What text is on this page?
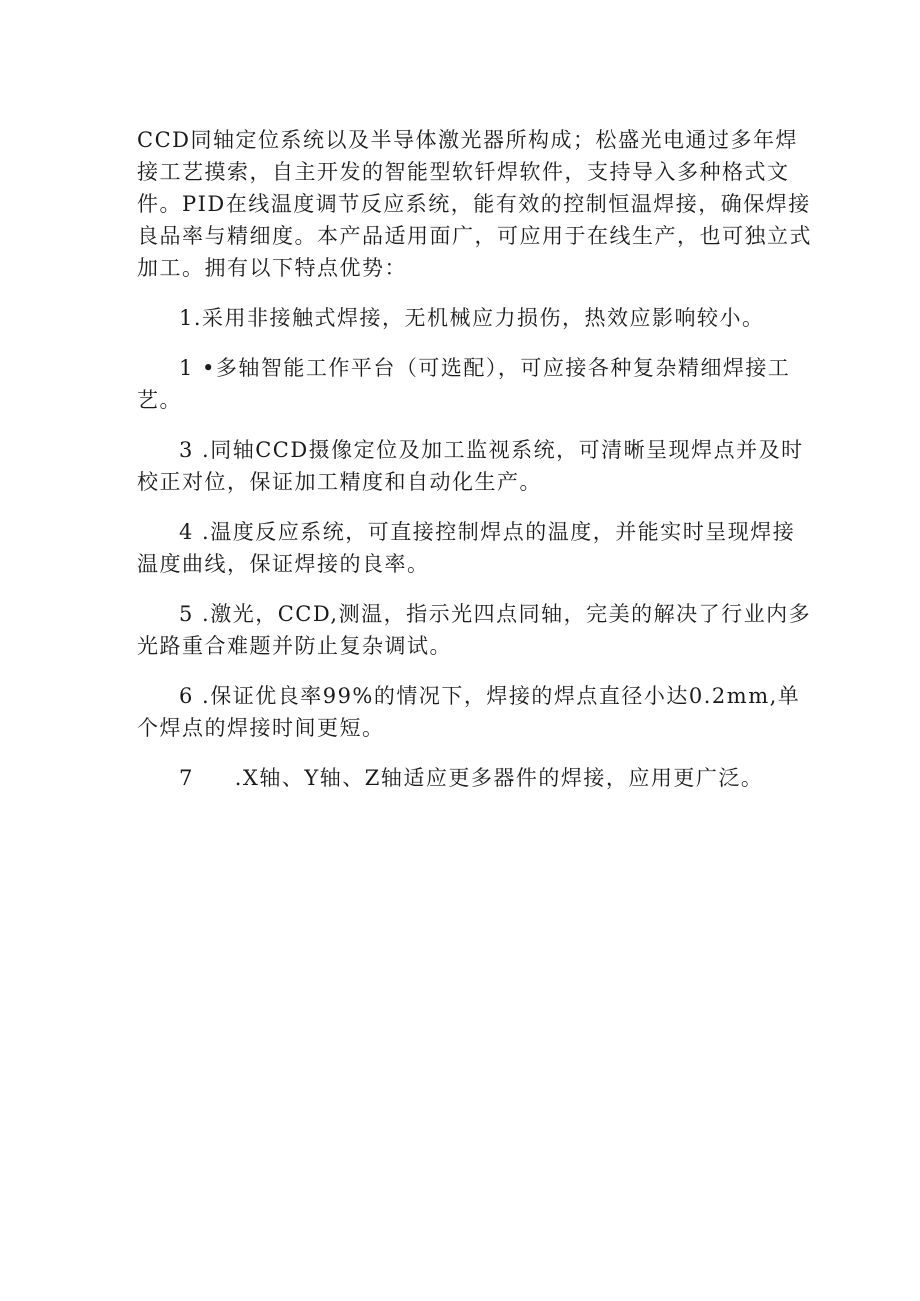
CCD同轴定位系统以及半导体激光器所构成；松盛光电通过多年焊接工艺摸索，自主开发的智能型软钎焊软件，支持导入多种格式文件。PID在线温度调节反应系统，能有效的控制恒温焊接，确保焊接良品率与精细度。本产品适用面广，可应用于在线生产，也可独立式加工。拥有以下特点优势：

1.采用非接触式焊接，无机械应力损伤，热效应影响较小。

1 •多轴智能工作平台（可选配），可应接各种复杂精细焊接工艺。

3 .同轴CCD摄像定位及加工监视系统，可清晰呈现焊点并及时校正对位，保证加工精度和自动化生产。

4 .温度反应系统，可直接控制焊点的温度，并能实时呈现焊接温度曲线，保证焊接的良率。

5 .激光，CCD,测温，指示光四点同轴，完美的解决了行业内多光路重合难题并防止复杂调试。

6 .保证优良率99%的情况下，焊接的焊点直径小达0.2mm,单个焊点的焊接时间更短。

7     .X轴、Y轴、Z轴适应更多器件的焊接，应用更广泛。
